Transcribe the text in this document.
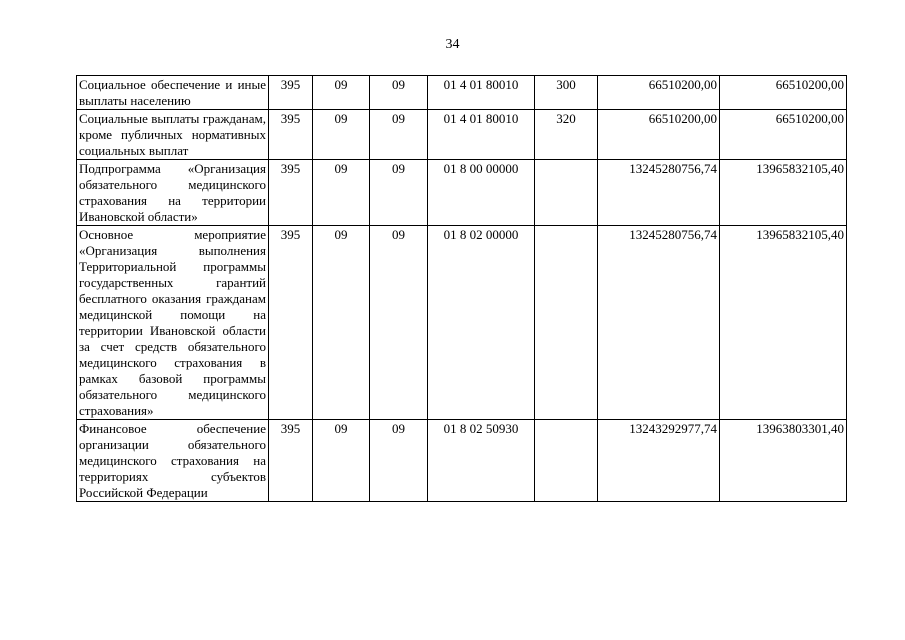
34
Социальное обеспечение и иные выплаты населению	395	09	09	01 4 01 80010	300	66510200,00	66510200,00
Социальные выплаты гражданам, кроме публичных нормативных социальных выплат	395	09	09	01 4 01 80010	320	66510200,00	66510200,00
Подпрограмма «Организация обязательного медицинского страхования на территории Ивановской области»	395	09	09	01 8 00 00000		13245280756,74	13965832105,40
Основное мероприятие «Организация выполнения Территориальной программы государственных гарантий бесплатного оказания гражданам медицинской помощи на территории Ивановской области за счет средств обязательного медицинского страхования в рамках базовой программы обязательного медицинского страхования»	395	09	09	01 8 02 00000		13245280756,74	13965832105,40
Финансовое обеспечение организации обязательного медицинского страхования на территориях субъектов Российской Федерации	395	09	09	01 8 02 50930		13243292977,74	13963803301,40
